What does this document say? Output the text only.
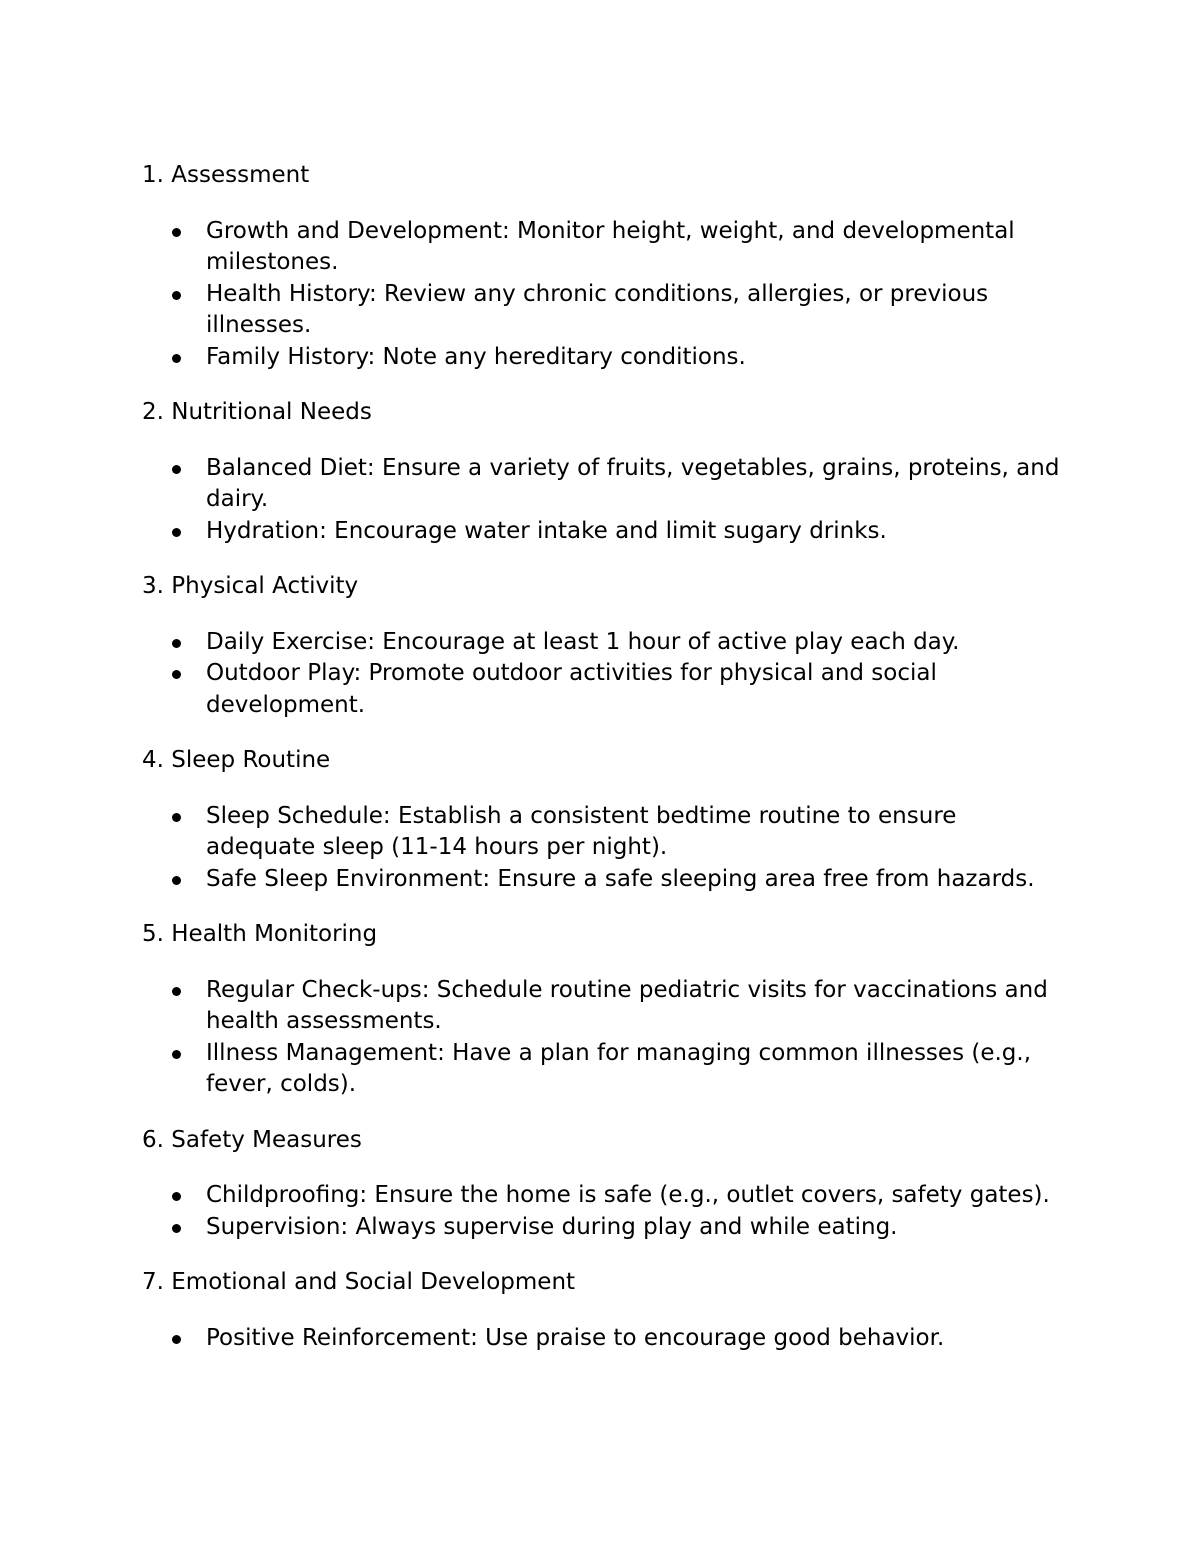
1. Assessment
Growth and Development: Monitor height, weight, and developmental milestones.
Health History: Review any chronic conditions, allergies, or previous illnesses.
Family History: Note any hereditary conditions.
2. Nutritional Needs
Balanced Diet: Ensure a variety of fruits, vegetables, grains, proteins, and dairy.
Hydration: Encourage water intake and limit sugary drinks.
3. Physical Activity
Daily Exercise: Encourage at least 1 hour of active play each day.
Outdoor Play: Promote outdoor activities for physical and social development.
4. Sleep Routine
Sleep Schedule: Establish a consistent bedtime routine to ensure adequate sleep (11-14 hours per night).
Safe Sleep Environment: Ensure a safe sleeping area free from hazards.
5. Health Monitoring
Regular Check-ups: Schedule routine pediatric visits for vaccinations and health assessments.
Illness Management: Have a plan for managing common illnesses (e.g., fever, colds).
6. Safety Measures
Childproofing: Ensure the home is safe (e.g., outlet covers, safety gates).
Supervision: Always supervise during play and while eating.
7. Emotional and Social Development
Positive Reinforcement: Use praise to encourage good behavior.
